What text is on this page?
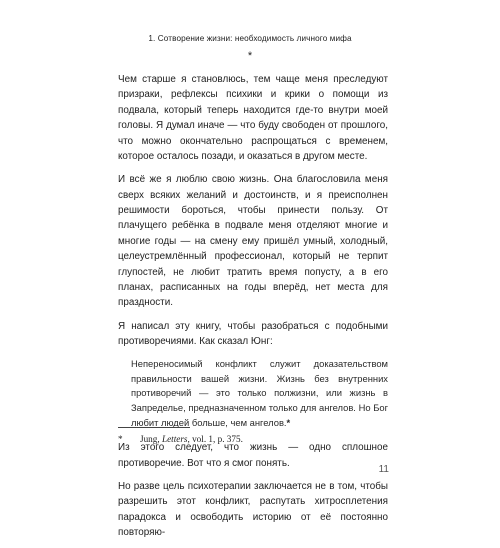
1. Сотворение жизни: необходимость личного мифа
*

Чем старше я становлюсь, тем чаще меня преследуют призраки, рефлексы психики и крики о помощи из подвала, который теперь находится где-то внутри моей головы. Я думал иначе — что буду свободен от прошлого, что можно окончательно распрощаться с временем, которое осталось позади, и оказаться в другом месте.

И всё же я люблю свою жизнь. Она благословила меня сверх всяких желаний и достоинств, и я преисполнен решимости бороться, чтобы принести пользу. От плачущего ребёнка в подвале меня отделяют многие и многие годы — на смену ему пришёл умный, холодный, целеустремлённый профессионал, который не терпит глупостей, не любит тратить время попусту, а в его планах, расписанных на годы вперёд, нет места для праздности.

Я написал эту книгу, чтобы разобраться с подобными противоречиями. Как сказал Юнг:

Непереносимый конфликт служит доказательством правильности вашей жизни. Жизнь без внутренних противоречий — это только полжизни, или жизнь в Запределье, предназначенном только для ангелов. Но Бог любит людей больше, чем ангелов.*

Из этого следует, что жизнь — одно сплошное противоречие. Вот что я смог понять.

Но разве цель психотерапии заключается не в том, чтобы разрешить этот конфликт, распутать хитросплетения парадокса и освободить историю от её постоянно повторяю-

* Jung, Letters, vol. 1, p. 375.
11
